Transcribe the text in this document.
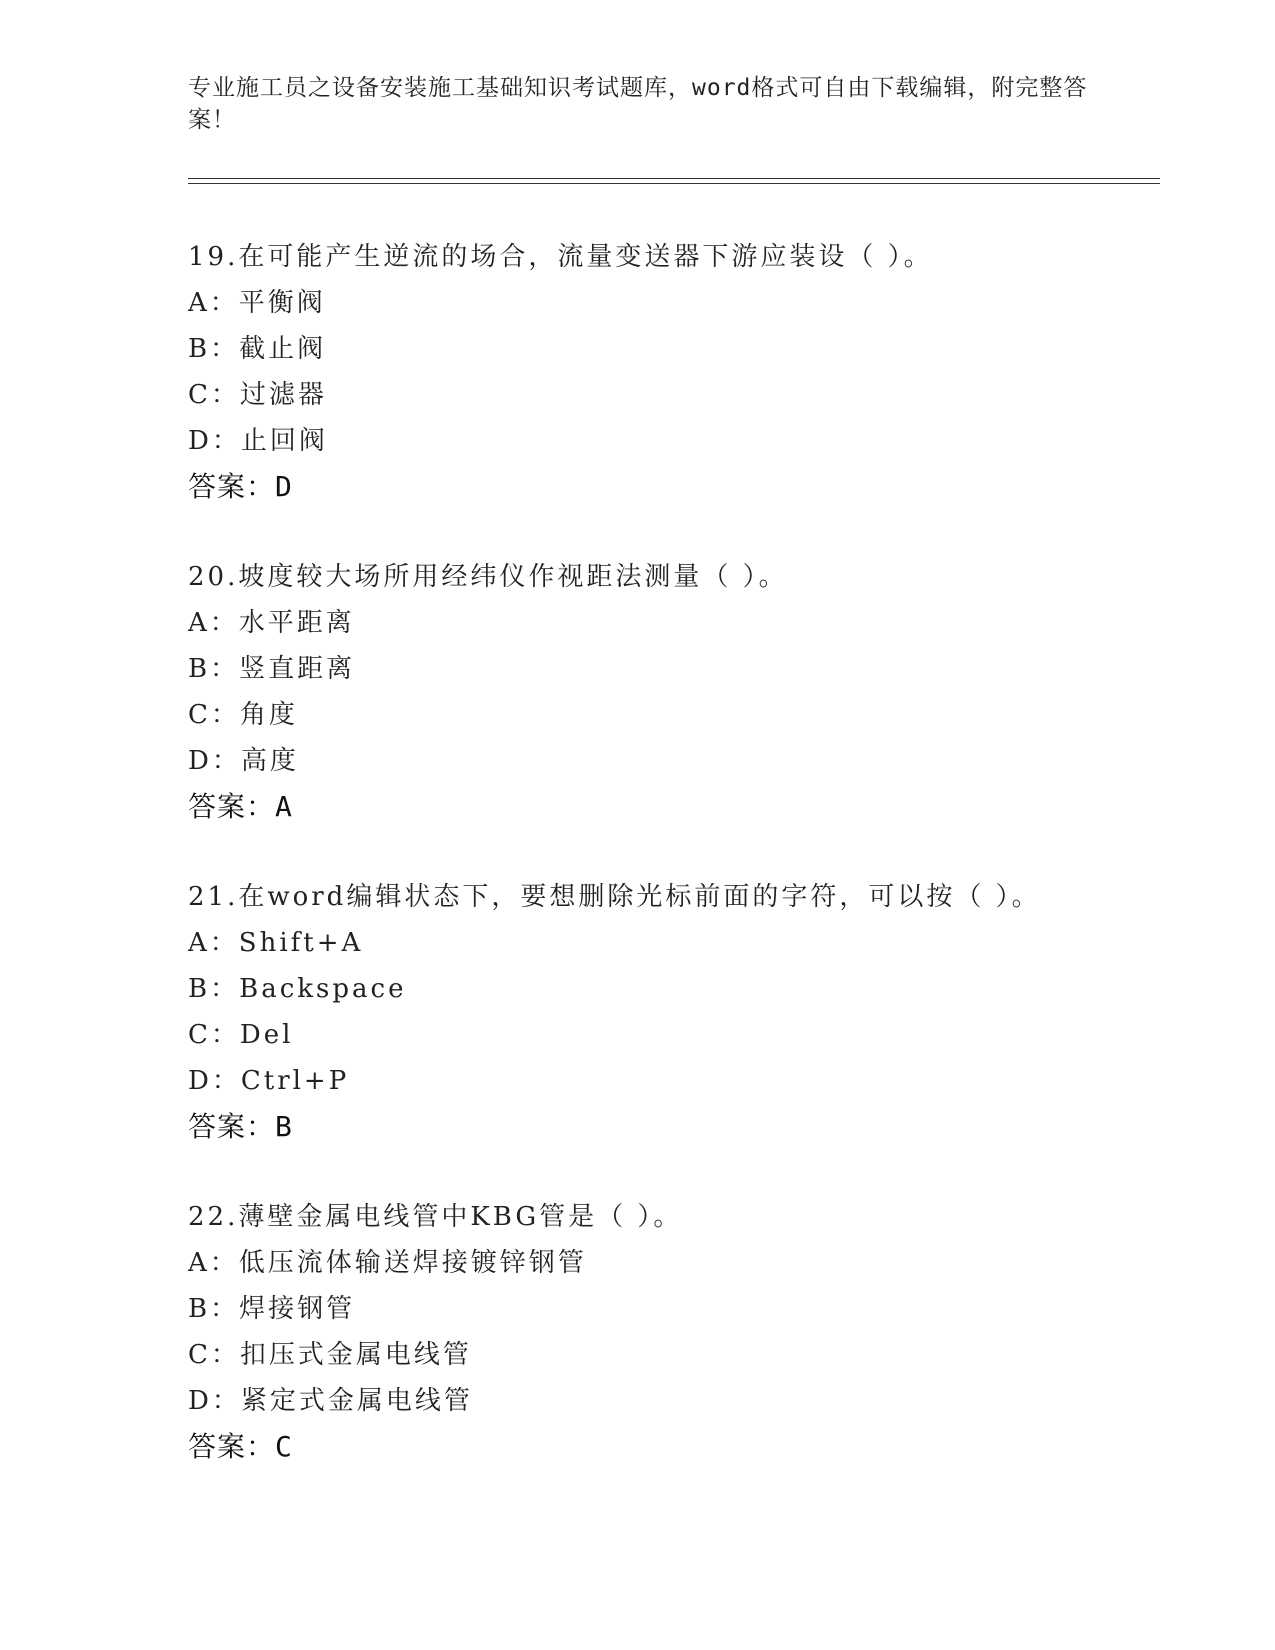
专业施工员之设备安装施工基础知识考试题库，word格式可自由下载编辑，附完整答案！
19.在可能产生逆流的场合，流量变送器下游应装设（ ）。
A：平衡阀
B：截止阀
C：过滤器
D：止回阀
答案：D
20.坡度较大场所用经纬仪作视距法测量（ ）。
A：水平距离
B：竖直距离
C：角度
D：高度
答案：A
21.在word编辑状态下，要想删除光标前面的字符，可以按（ ）。
A：Shift+A
B：Backspace
C：Del
D：Ctrl+P
答案：B
22.薄壁金属电线管中KBG管是（ ）。
A：低压流体输送焊接镀锌钢管
B：焊接钢管
C：扣压式金属电线管
D：紧定式金属电线管
答案：C
